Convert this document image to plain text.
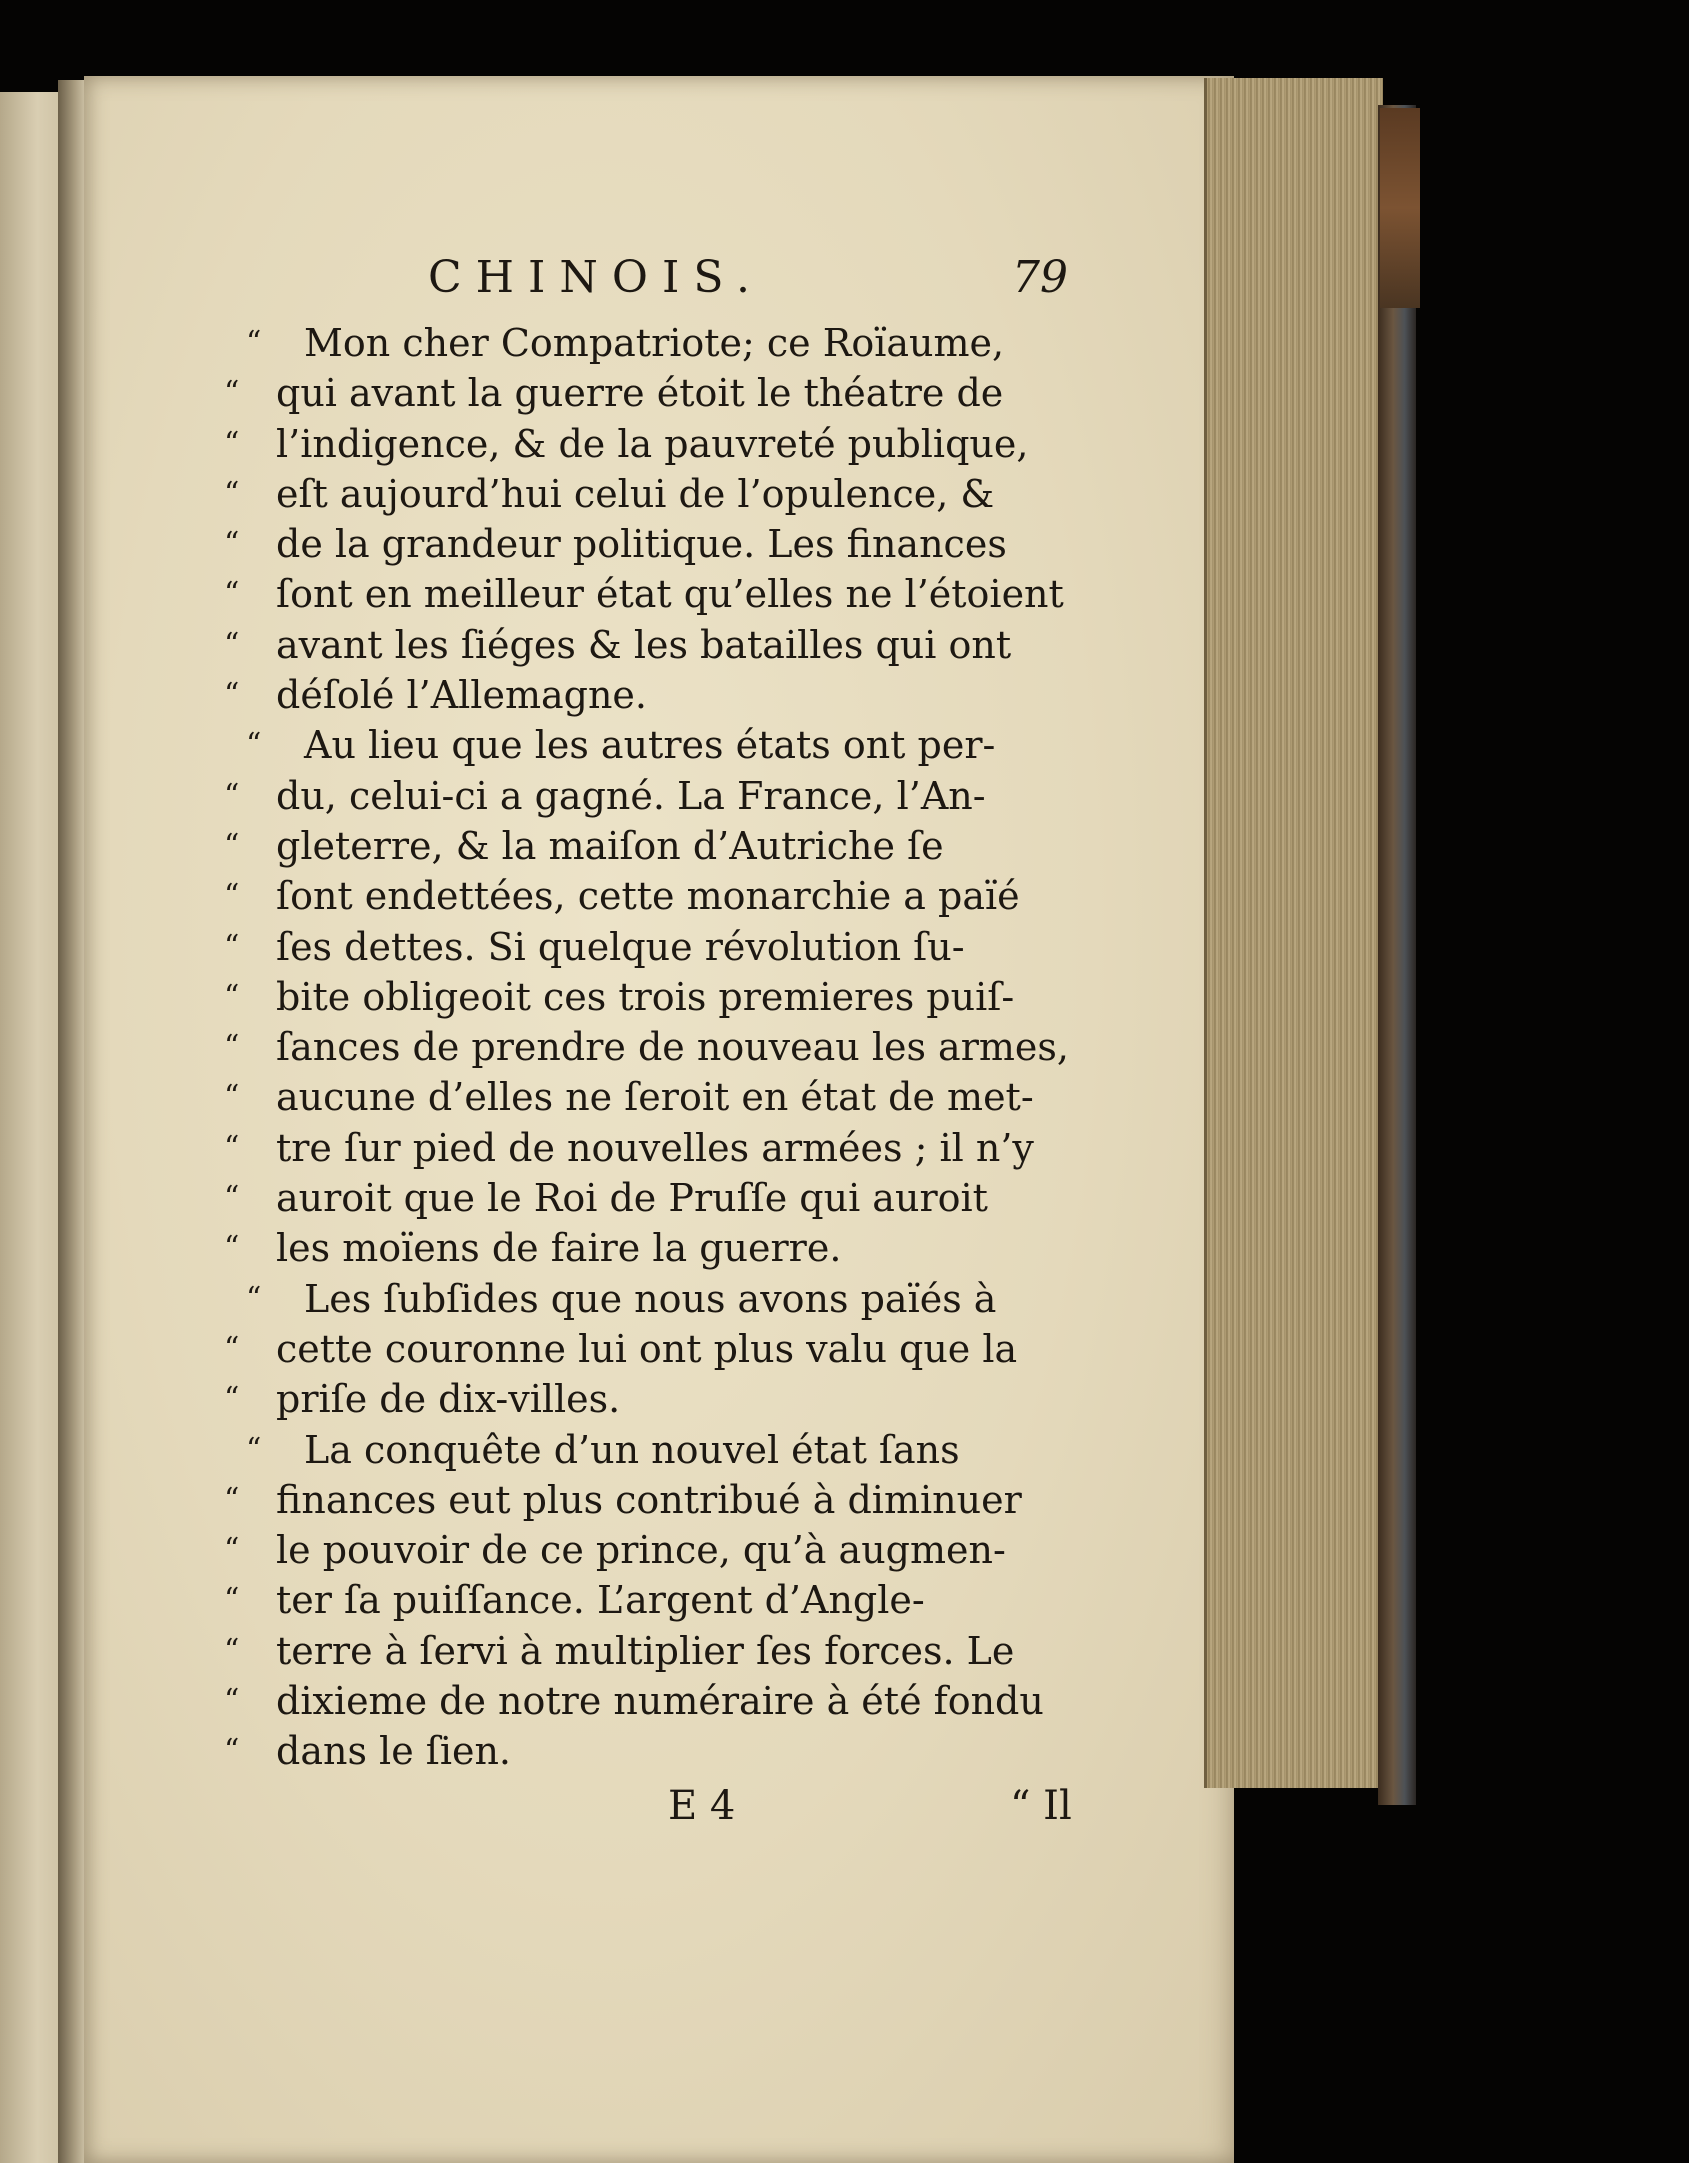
CHINOIS.	79
“ Mon cher Compatriote; ce Roïaume,
“ qui avant la guerre étoit le théatre de
“ l’indigence, & de la pauvreté publique,
“ eſt aujourd’hui celui de l’opulence, &
“ de la grandeur politique. Les finances
“ ſont en meilleur état qu’elles ne l’étoient
“ avant les ſiéges & les batailles qui ont
“ déſolé l’Allemagne.
“ Au lieu que les autres états ont per-
“ du, celui-ci a gagné. La France, l’An-
“ gleterre, & la maiſon d’Autriche ſe
“ ſont endettées, cette monarchie a païé
“ ſes dettes. Si quelque révolution ſu-
“ bite obligeoit ces trois premieres puiſ-
“ ſances de prendre de nouveau les armes,
“ aucune d’elles ne ſeroit en état de met-
“ tre ſur pied de nouvelles armées ; il n’y
“ auroit que le Roi de Pruſſe qui auroit
“ les moïens de faire la guerre.
“ Les ſubſides que nous avons païés à
“ cette couronne lui ont plus valu que la
“ priſe de dix-villes.
“ La conquête d’un nouvel état ſans
“ finances eut plus contribué à diminuer
“ le pouvoir de ce prince, qu’à augmen-
“ ter ſa puiſſance. L’argent d’Angle-
“ terre à ſervi à multiplier ſes forces. Le
“ dixieme de notre numéraire à été fondu
“ dans le ſien.
E 4	“ Il
